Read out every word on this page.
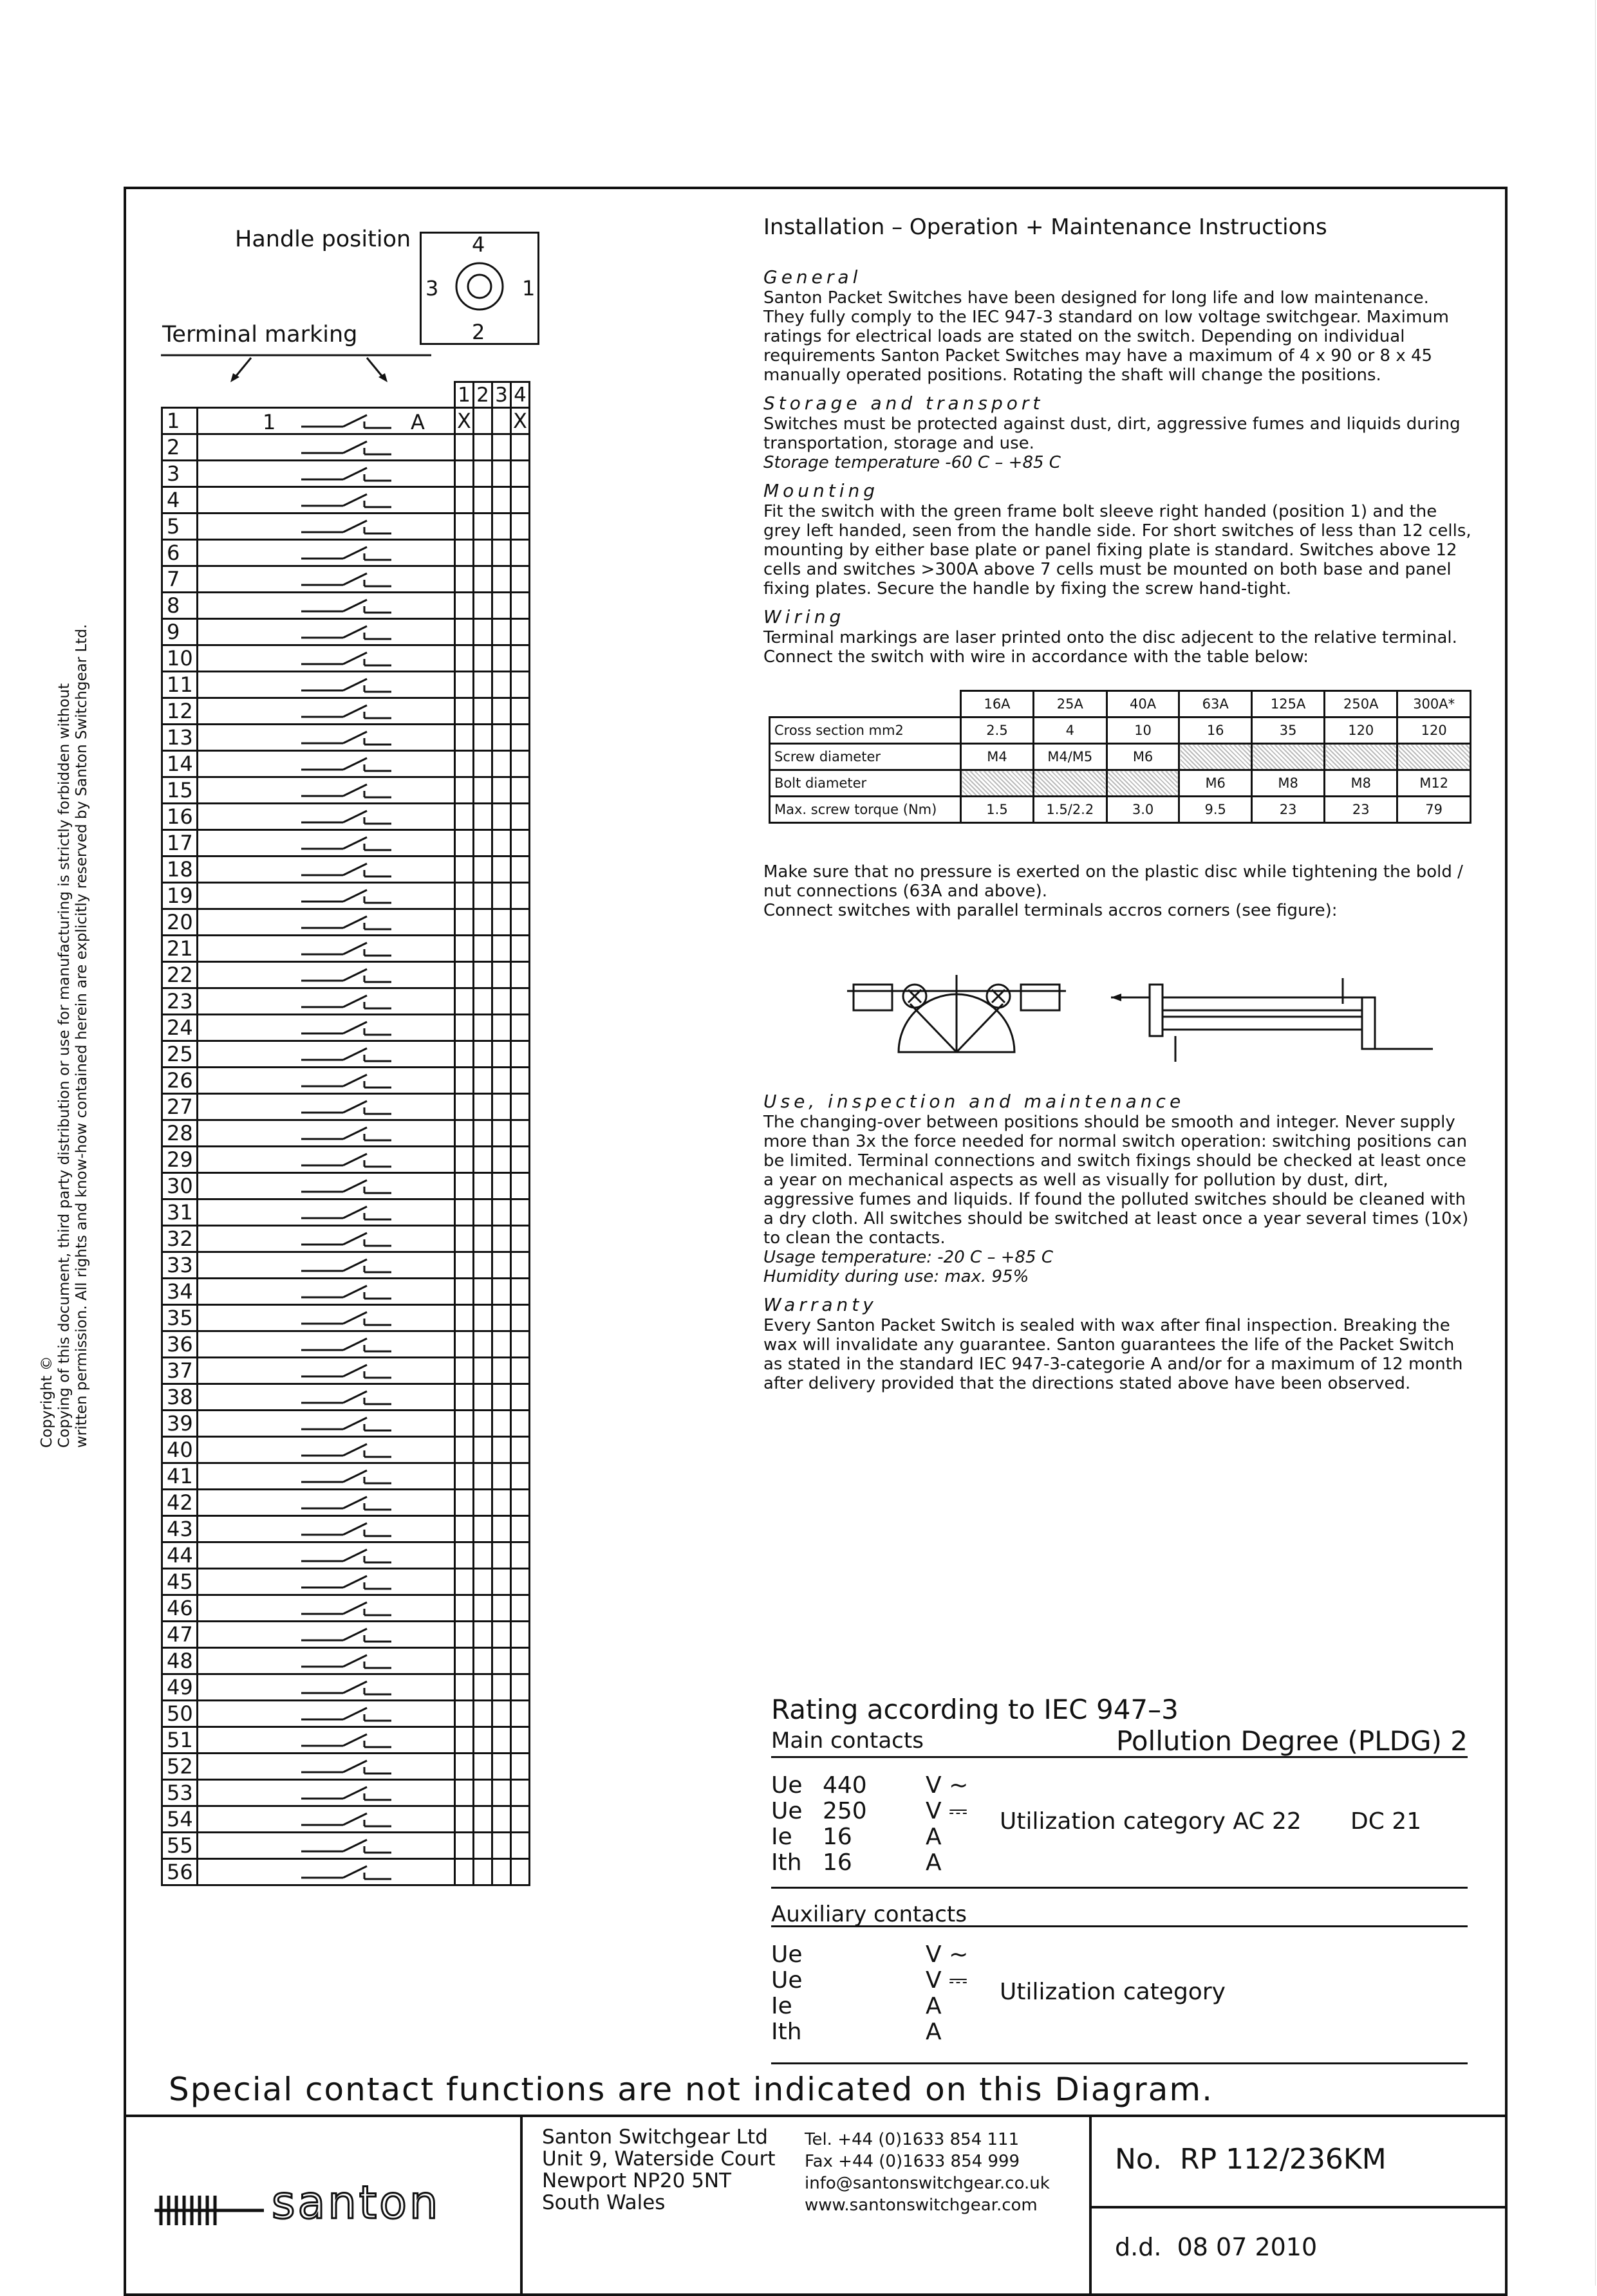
Copyright © Copying of this document, third party distribution or use for manufacturing is strictly forbidden without written permission. All rights and know-how contained herein are explicitly reserved by Santon Switchgear Ltd.
Handle position
Terminal marking
4
3	1
2
		1	2	3	4
1	1 A	X			X
2	

3	

4	

5	

6	

7	

8	

9	

10	

11	

12	

13	

14	

15	

16	

17	

18	

19	

20	

21	

22	

23	

24	

25	

26	

27	

28	

29	

30	

31	

32	

33	

34	

35	

36	

37	

38	

39	

40	

41	

42	

43	

44	

45	

46	

47	

48	

49	

50	

51	

52	

53	

54	

55	

56	

Installation – Operation + Maintenance Instructions
General

Santon Packet Switches have been designed for long life and low maintenance. They fully comply to the IEC 947-3 standard on low voltage switchgear. Maximum ratings for electrical loads are stated on the switch. Depending on individual requirements Santon Packet Switches may have a maximum of 4 x 90 or 8 x 45 manually operated positions. Rotating the shaft will change the positions.

Storage and transport

Switches must be protected against dust, dirt, aggressive fumes and liquids during transportation, storage and use.

Storage temperature -60 C – +85 C

Mounting

Fit the switch with the green frame bolt sleeve right handed (position 1) and the grey left handed, seen from the handle side. For short switches of less than 12 cells, mounting by either base plate or panel fixing plate is standard. Switches above 12 cells and switches >300A above 7 cells must be mounted on both base and panel fixing plates. Secure the handle by fixing the screw hand-tight.

Wiring

Terminal markings are laser printed onto the disc adjecent to the relative terminal. Connect the switch with wire in accordance with the table below:

	16A	25A	40A	63A	125A	250A	300A*
Cross section mm2	2.5	4	10	16	35	120	120
Screw diameter	M4	M4/M5	M6				
Bolt diameter				M6	M8	M8	M12
Max. screw torque (Nm)	1.5	1.5/2.2	3.0	9.5	23	23	79

Make sure that no pressure is exerted on the plastic disc while tightening the bold / nut connections (63A and above).

Connect switches with parallel terminals accros corners (see figure):

Use, inspection and maintenance

The changing-over between positions should be smooth and integer. Never supply more than 3x the force needed for normal switch operation: switching positions can be limited. Terminal connections and switch fixings should be checked at least once a year on mechanical aspects as well as visually for pollution by dust, dirt, aggressive fumes and liquids. If found the polluted switches should be cleaned with a dry cloth. All switches should be switched at least once a year several times (10x) to clean the contacts.

Usage temperature: -20 C – +85 C

Humidity during use: max. 95%

Warranty

Every Santon Packet Switch is sealed with wax after final inspection. Breaking the wax will invalidate any guarantee. Santon guarantees the life of the Packet Switch as stated in the standard IEC 947-3-categorie A and/or for a maximum of 12 month after delivery provided that the directions stated above have been observed.

Rating according to IEC 947–3
Main contacts	Pollution Degree (PLDG) 2
Ue 440	V ~
Ue 250	V ⎓
Ie 16	A
Ith 16	A
Utilization category AC 22 DC 21
Auxiliary contacts
Ue	V ~
Ue	V ⎓
Ie	A
Ith	A
Utilization category
Special contact functions are not indicated on this Diagram.
santon
Santon Switchgear Ltd
Unit 9, Waterside Court
Newport NP20 5NT
South Wales
Tel. +44 (0)1633 854 111
Fax +44 (0)1633 854 999
info@santonswitchgear.co.uk
www.santonswitchgear.com
No. RP 112/236KM
d.d. 08 07 2010
